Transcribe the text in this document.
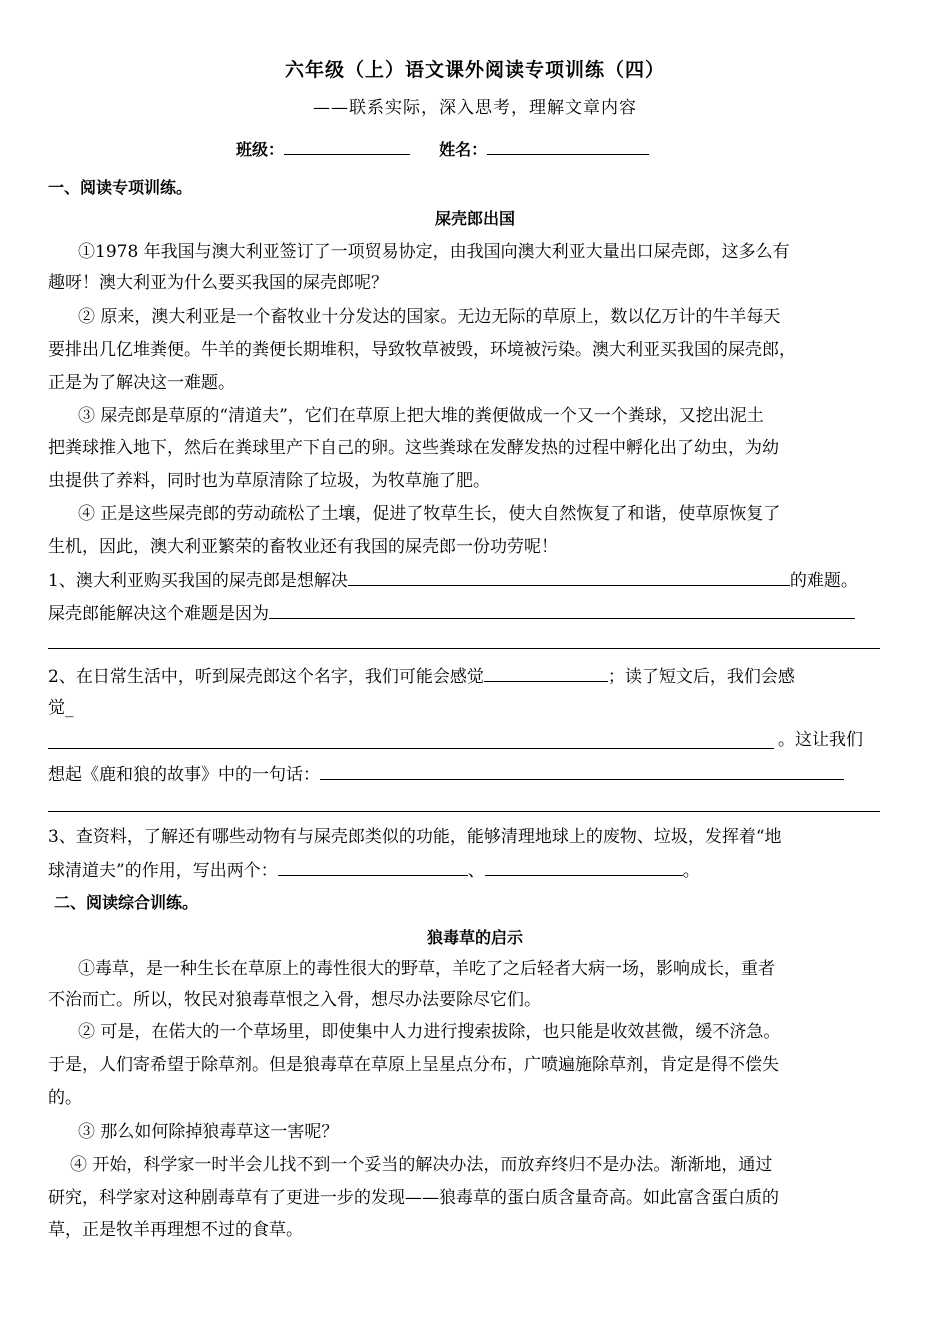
六年级（上）语文课外阅读专项训练（四）
——联系实际，深入思考，理解文章内容
班级：	姓名：
一、阅读专项训练。
屎壳郎出国
①1978 年我国与澳大利亚签订了一项贸易协定，由我国向澳大利亚大量出口屎壳郎，这多么有
趣呀！澳大利亚为什么要买我国的屎壳郎呢？
② 原来，澳大利亚是一个畜牧业十分发达的国家。无边无际的草原上，数以亿万计的牛羊每天
要排出几亿堆粪便。牛羊的粪便长期堆积，导致牧草被毁，环境被污染。澳大利亚买我国的屎壳郎，
正是为了解决这一难题。
③ 屎壳郎是草原的“清道夫”，它们在草原上把大堆的粪便做成一个又一个粪球，又挖出泥土
把粪球推入地下，然后在粪球里产下自己的卵。这些粪球在发酵发热的过程中孵化出了幼虫，为幼
虫提供了养料，同时也为草原清除了垃圾，为牧草施了肥。
④ 正是这些屎壳郎的劳动疏松了土壤，促进了牧草生长，使大自然恢复了和谐，使草原恢复了
生机，因此，澳大利亚繁荣的畜牧业还有我国的屎壳郎一份功劳呢！
1、澳大利亚购买我国的屎壳郎是想解决	的难题。
屎壳郎能解决这个难题是因为
2、在日常生活中，听到屎壳郎这个名字，我们可能会感觉	；读了短文后，我们会感
觉_
。这让我们
想起《鹿和狼的故事》中的一句话：
3、查资料，了解还有哪些动物有与屎壳郎类似的功能，能够清理地球上的废物、垃圾，发挥着“地
球清道夫”的作用，写出两个：	、	。
二、阅读综合训练。
狼毒草的启示
①毒草，是一种生长在草原上的毒性很大的野草，羊吃了之后轻者大病一场，影响成长，重者
不治而亡。所以，牧民对狼毒草恨之入骨，想尽办法要除尽它们。
② 可是，在偌大的一个草场里，即使集中人力进行搜索拔除，也只能是收效甚微，缓不济急。
于是，人们寄希望于除草剂。但是狼毒草在草原上呈星点分布，广喷遍施除草剂，肯定是得不偿失
的。
③ 那么如何除掉狼毒草这一害呢？
④ 开始，科学家一时半会儿找不到一个妥当的解决办法，而放弃终归不是办法。渐渐地，通过
研究，科学家对这种剧毒草有了更进一步的发现——狼毒草的蛋白质含量奇高。如此富含蛋白质的
草，正是牧羊再理想不过的食草。
